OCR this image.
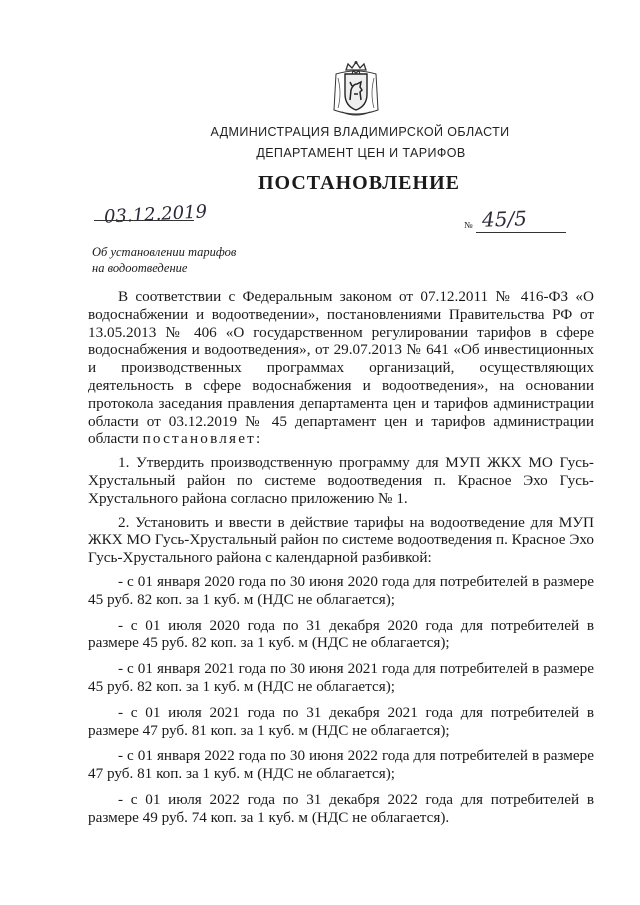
АДМИНИСТРАЦИЯ ВЛАДИМИРСКОЙ ОБЛАСТИ
ДЕПАРТАМЕНТ ЦЕН И ТАРИФОВ
ПОСТАНОВЛЕНИЕ
03.12.2019	№ 45/5
Об установлении тарифов
на водоотведение

В соответствии с Федеральным законом от 07.12.2011 № 416-ФЗ «О водоснабжении и водоотведении», постановлениями Правительства РФ от 13.05.2013 № 406 «О государственном регулировании тарифов в сфере водоснабжения и водоотведения», от 29.07.2013 № 641 «Об инвестиционных и производственных программах организаций, осуществляющих деятельность в сфере водоснабжения и водоотведения», на основании протокола заседания правления департамента цен и тарифов администрации области от 03.12.2019 № 45 департамент цен и тарифов администрации области постановляет:

1. Утвердить производственную программу для МУП ЖКХ МО Гусь-Хрустальный район по системе водоотведения п. Красное Эхо Гусь-Хрустального района согласно приложению № 1.

2. Установить и ввести в действие тарифы на водоотведение для МУП ЖКХ МО Гусь-Хрустальный район по системе водоотведения п. Красное Эхо Гусь-Хрустального района с календарной разбивкой:

- с 01 января 2020 года по 30 июня 2020 года для потребителей в размере 45 руб. 82 коп. за 1 куб. м (НДС не облагается);

- с 01 июля 2020 года по 31 декабря 2020 года для потребителей в размере 45 руб. 82 коп. за 1 куб. м (НДС не облагается);

- с 01 января 2021 года по 30 июня 2021 года для потребителей в размере 45 руб. 82 коп. за 1 куб. м (НДС не облагается);

- с 01 июля 2021 года по 31 декабря 2021 года для потребителей в размере 47 руб. 81 коп. за 1 куб. м (НДС не облагается);

- с 01 января 2022 года по 30 июня 2022 года для потребителей в размере 47 руб. 81 коп. за 1 куб. м (НДС не облагается);

- с 01 июля 2022 года по 31 декабря 2022 года для потребителей в размере 49 руб. 74 коп. за 1 куб. м (НДС не облагается).
